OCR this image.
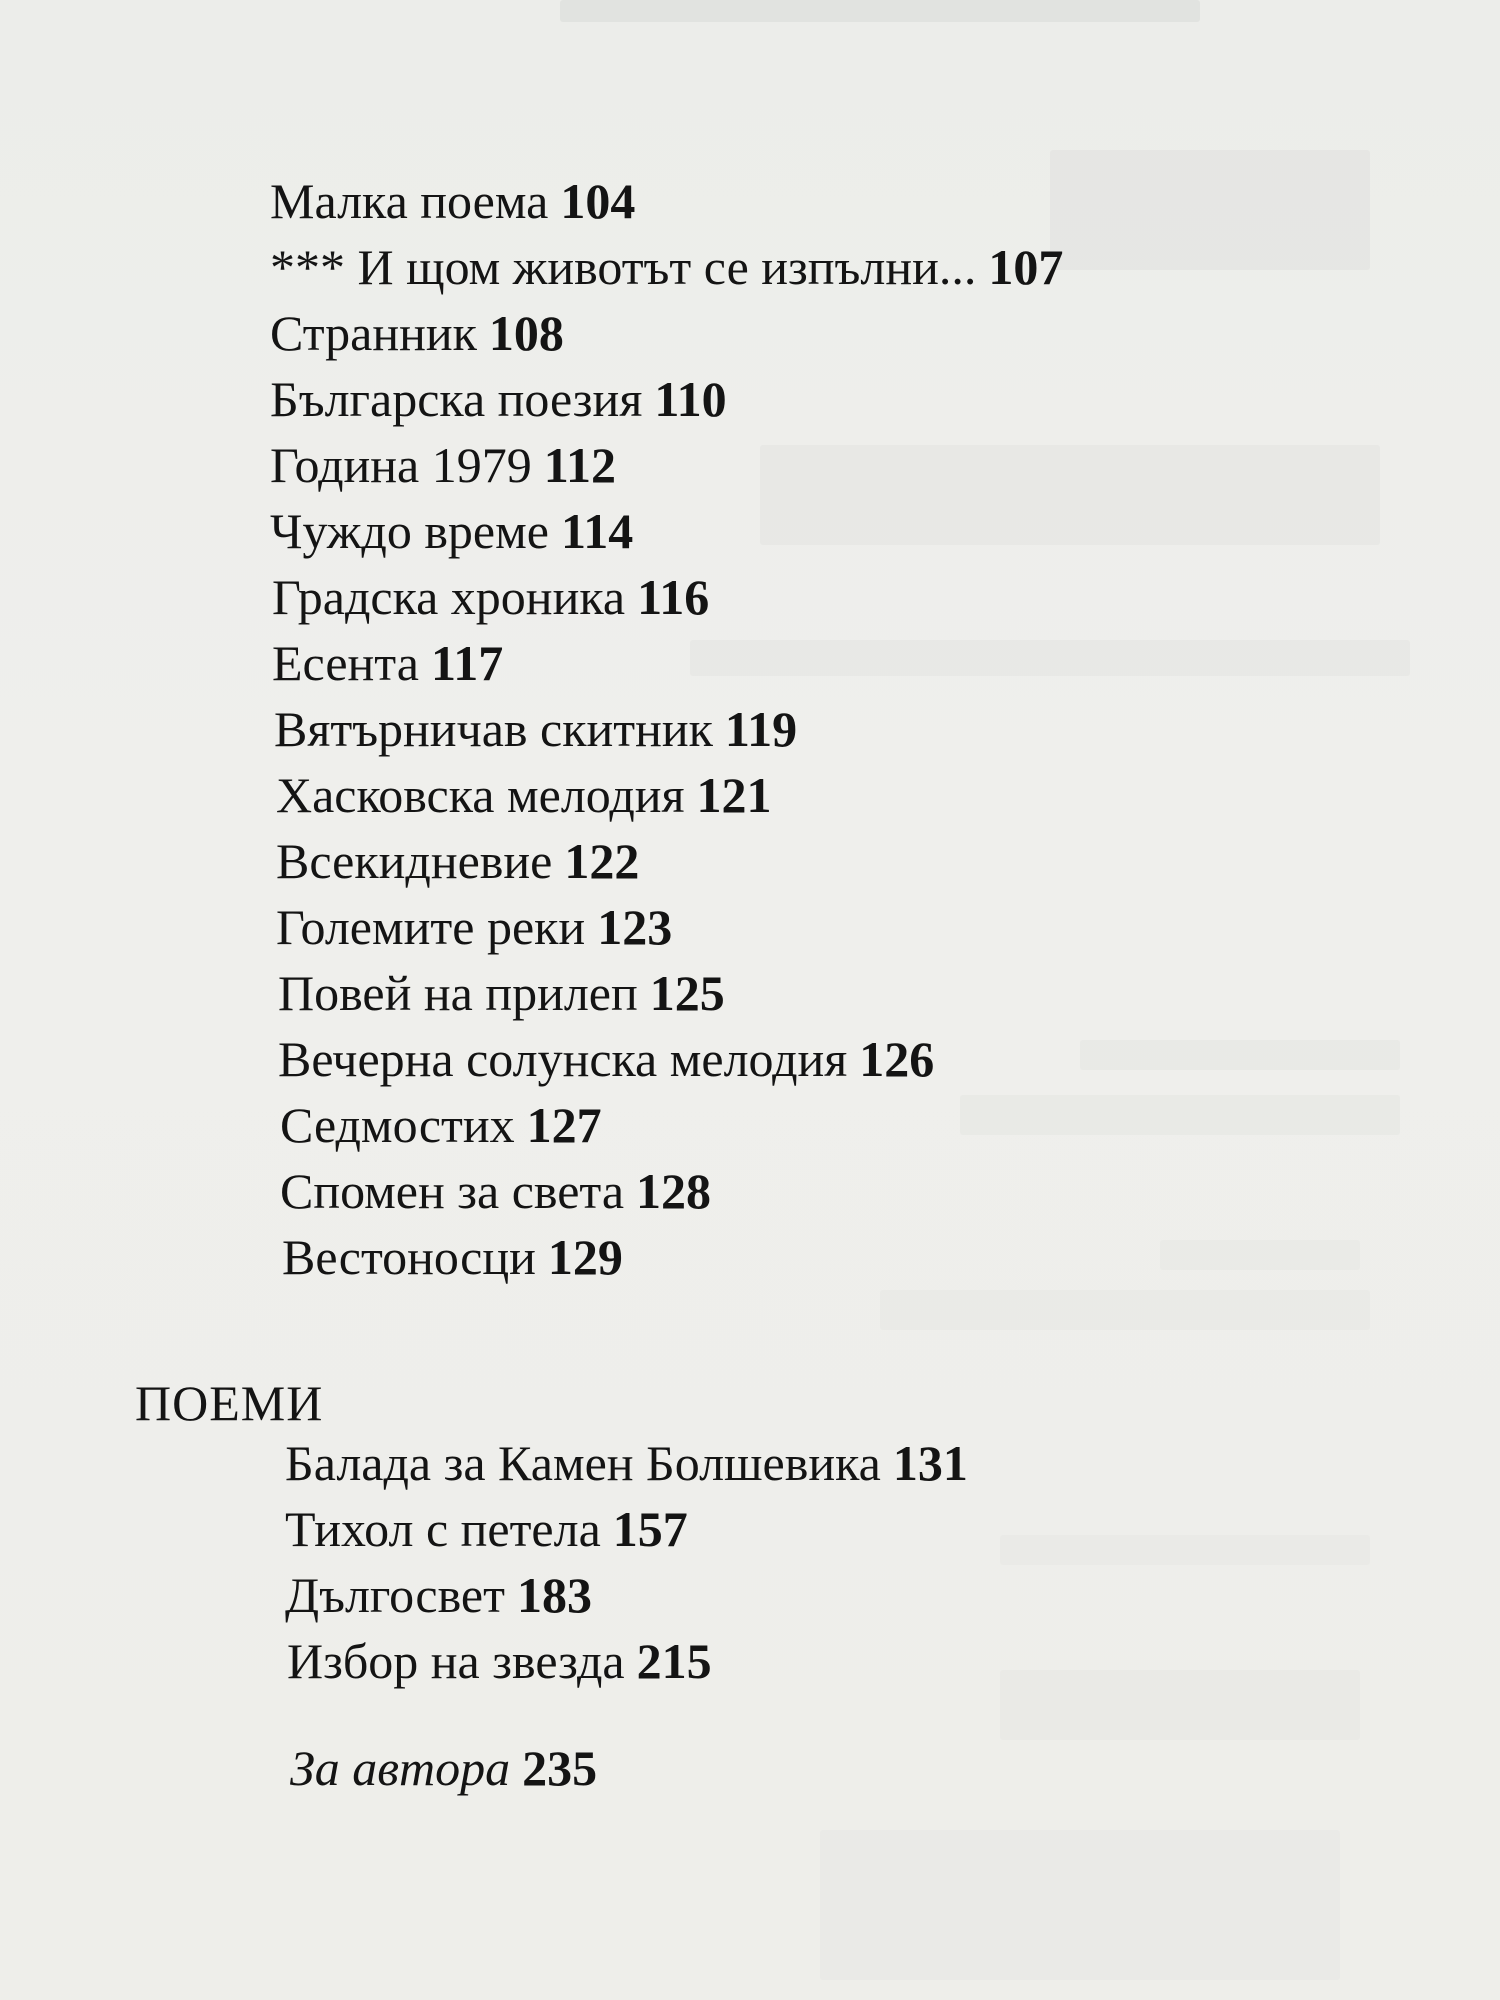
Малка поема 104
*** И щом животът се изпълни... 107
Странник 108
Българска поезия 110
Година 1979 112
Чуждо време 114
Градска хроника 116
Есента 117
Вятърничав скитник 119
Хасковска мелодия 121
Всекидневие 122
Големите реки 123
Повей на прилеп 125
Вечерна солунска мелодия 126
Седмостих 127
Спомен за света 128
Вестоносци 129
ПОЕМИ
Балада за Камен Болшевика 131
Тихол с петела 157
Дългосвет 183
Избор на звезда 215
За автора 235
